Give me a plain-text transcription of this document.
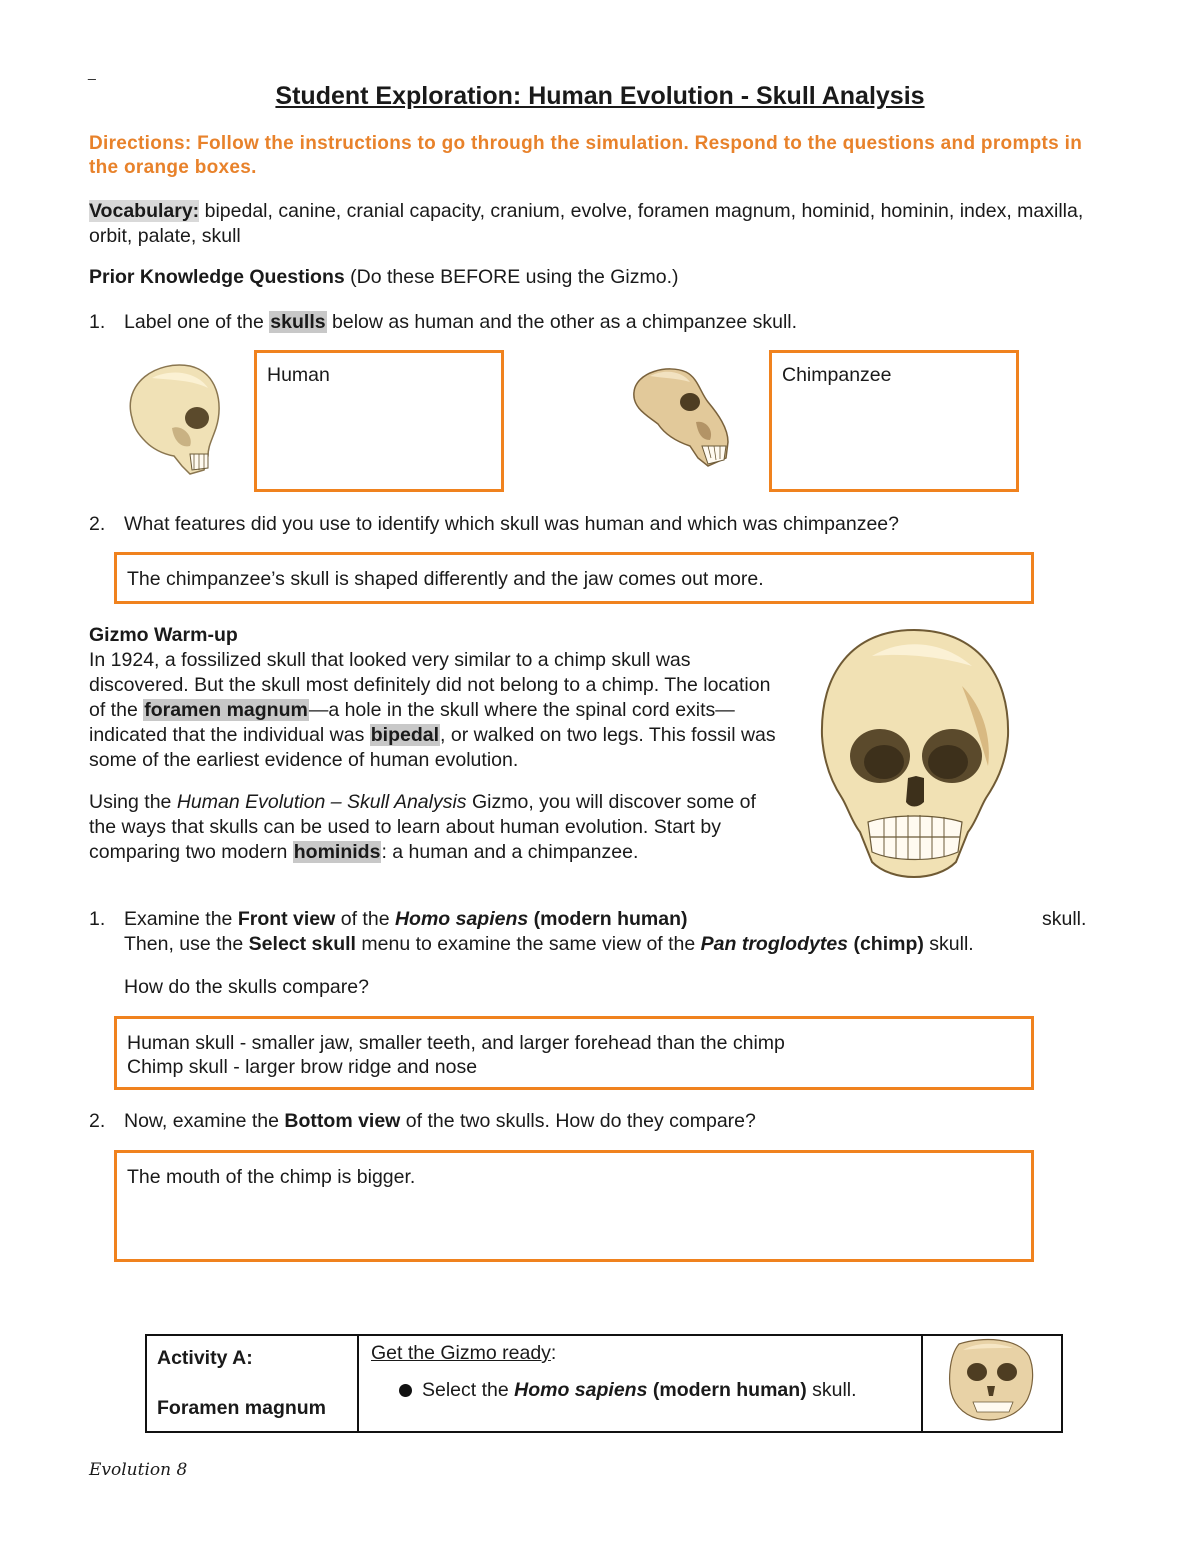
_
Student Exploration: Human Evolution - Skull Analysis
Directions: Follow the instructions to go through the simulation. Respond to the questions and prompts in the orange boxes.
Vocabulary: bipedal, canine, cranial capacity, cranium, evolve, foramen magnum, hominid, hominin, index, maxilla, orbit, palate, skull
Prior Knowledge Questions (Do these BEFORE using the Gizmo.)
1. Label one of the skulls below as human and the other as a chimpanzee skull.
Human	Chimpanzee
2. What features did you use to identify which skull was human and which was chimpanzee?
The chimpanzee’s skull is shaped differently and the jaw comes out more.
Gizmo Warm-up
In 1924, a fossilized skull that looked very similar to a chimp skull was discovered. But the skull most definitely did not belong to a chimp. The location of the foramen magnum—a hole in the skull where the spinal cord exits—indicated that the individual was bipedal, or walked on two legs. This fossil was some of the earliest evidence of human evolution.
Using the Human Evolution – Skull Analysis Gizmo, you will discover some of the ways that skulls can be used to learn about human evolution. Start by comparing two modern hominids: a human and a chimpanzee.
1. Examine the Front view of the Homo sapiens (modern human)	skull.
Then, use the Select skull menu to examine the same view of the Pan troglodytes (chimp) skull.
How do the skulls compare?
Human skull - smaller jaw, smaller teeth, and larger forehead than the chimp
Chimp skull - larger brow ridge and nose
2. Now, examine the Bottom view of the two skulls. How do they compare?
The mouth of the chimp is bigger.
Activity A:
Foramen magnum

Get the Gizmo ready:
Select the Homo sapiens (modern human) skull.

Evolution 8
